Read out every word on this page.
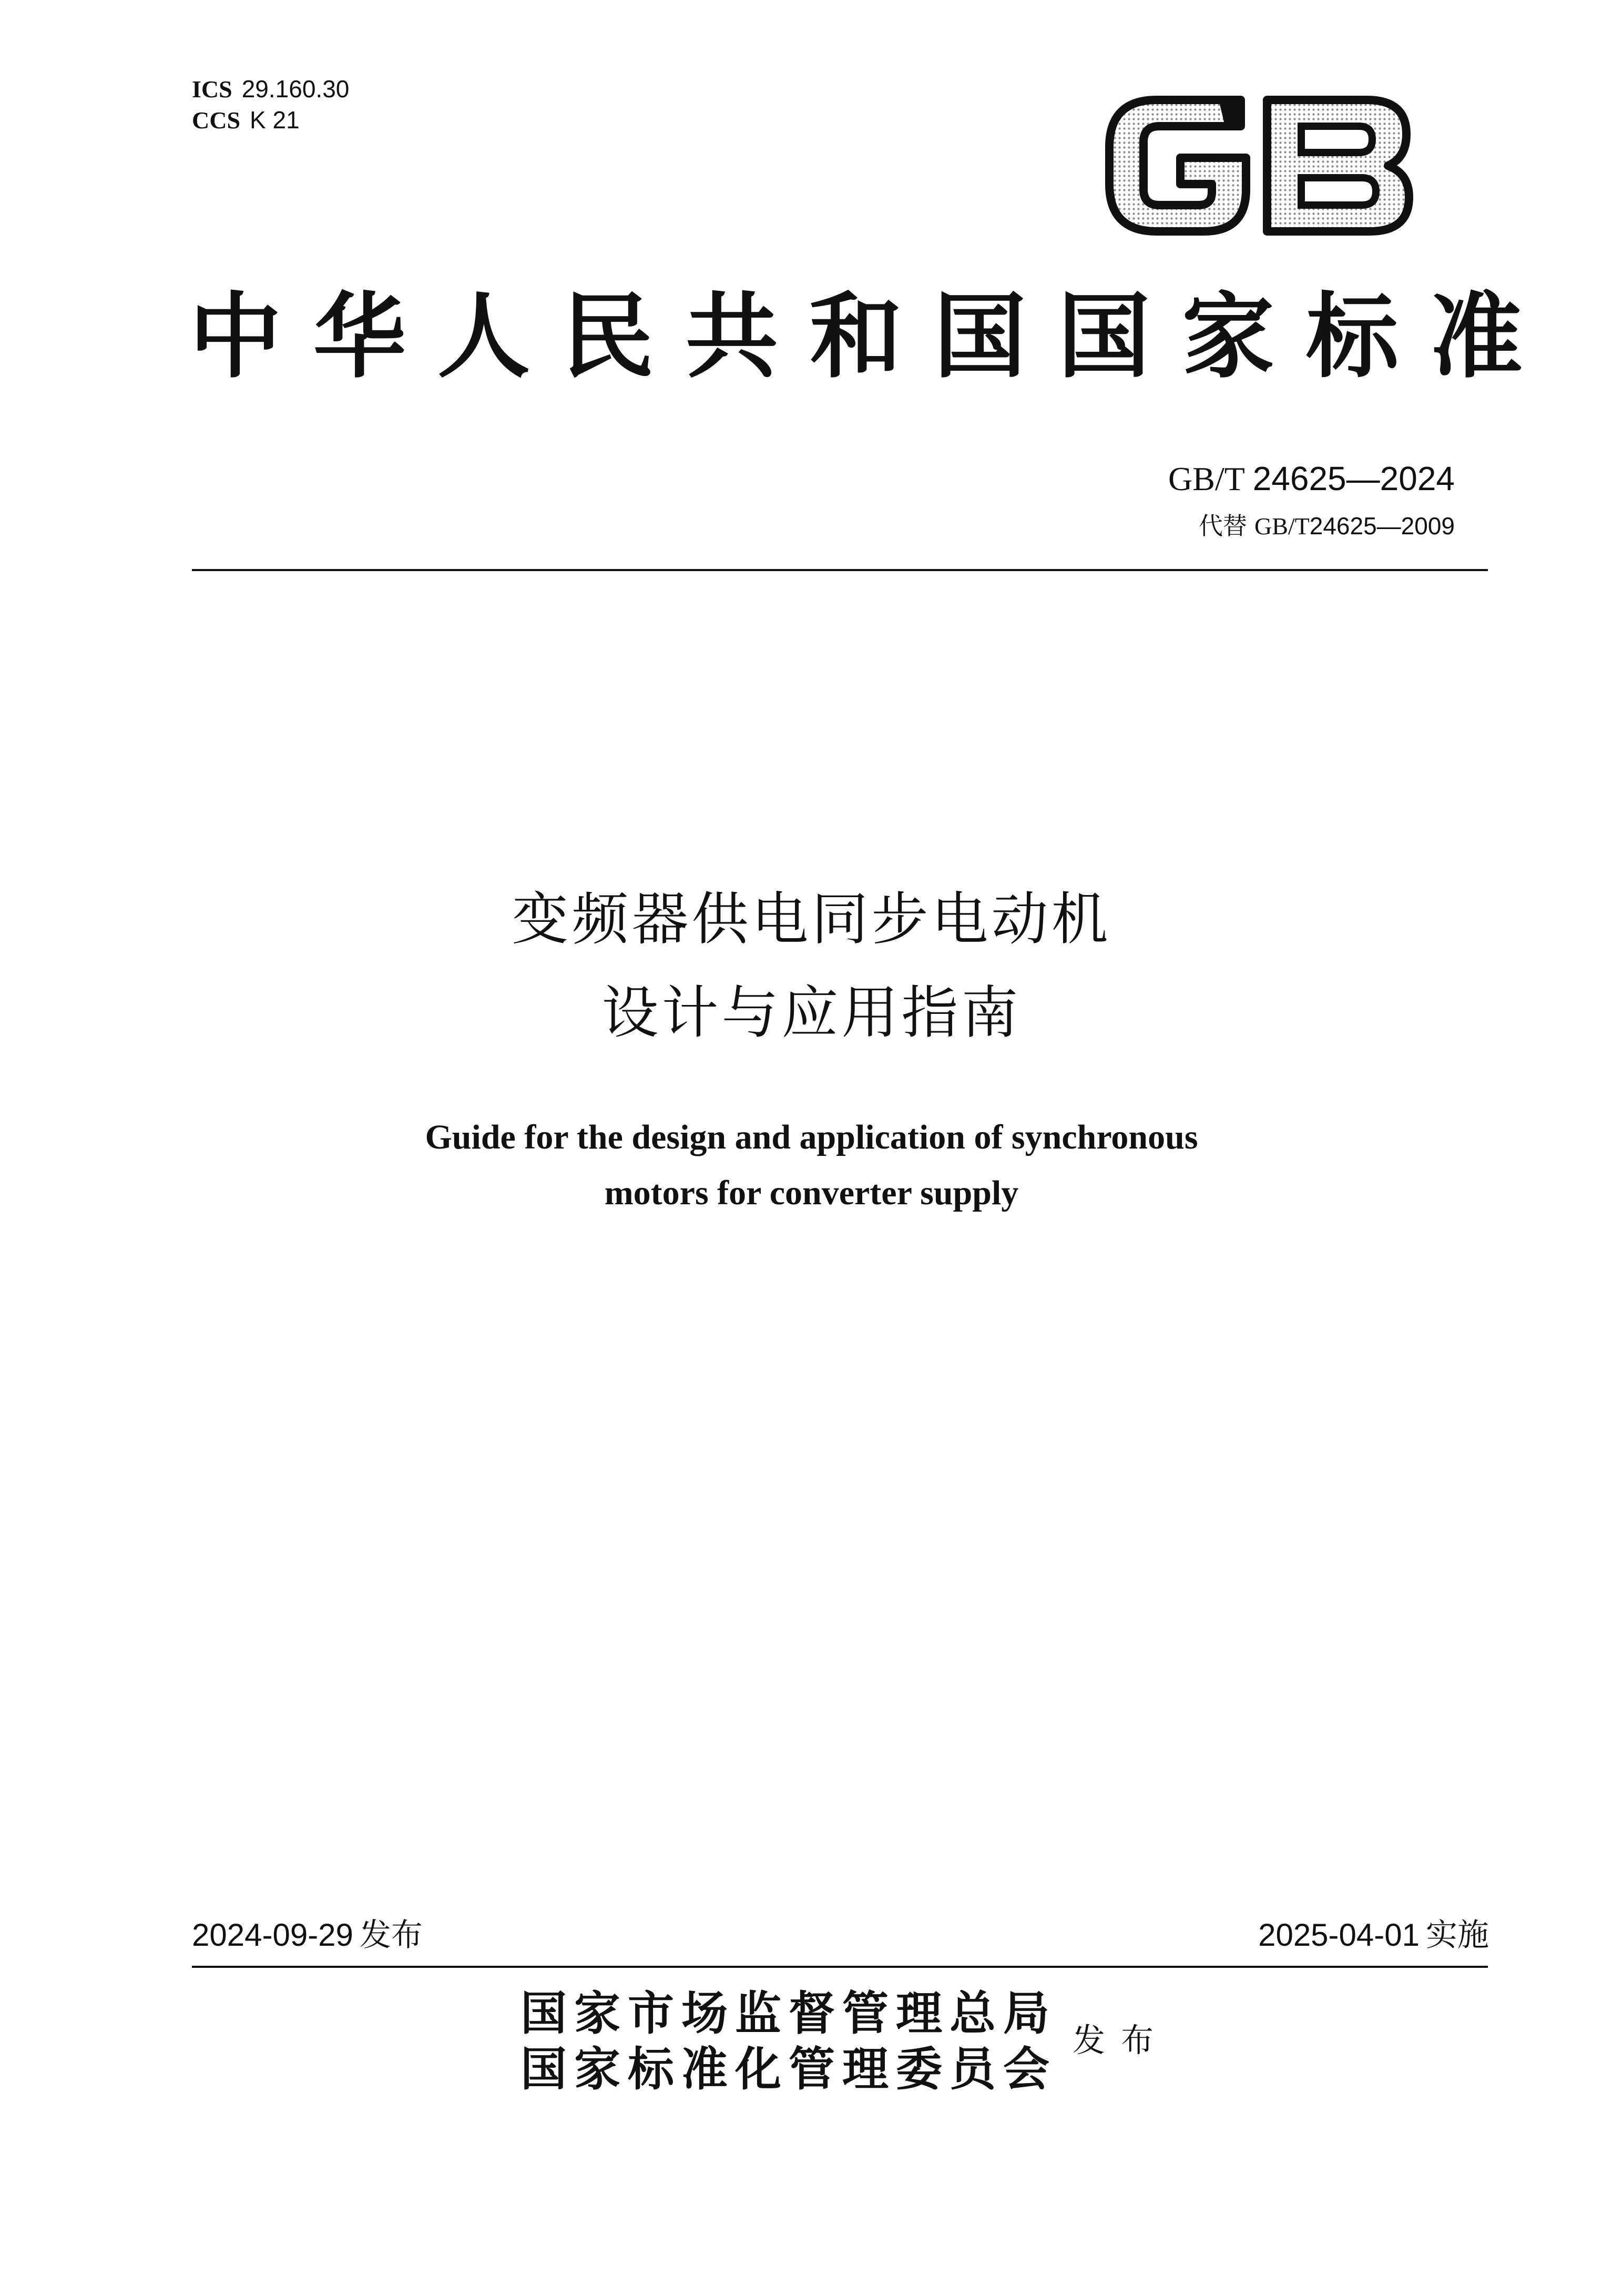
ICS 29.160.30
CCS K 21
中华人民共和国国家标准
GB/T 24625—2024
代替 GB/T24625—2009
变频器供电同步电动机
设计与应用指南
Guide for the design and application of synchronous
motors for converter supply
2024-09-29 发布	2025-04-01 实施
国家市场监督管理总局
国家标准化管理委员会
发布
